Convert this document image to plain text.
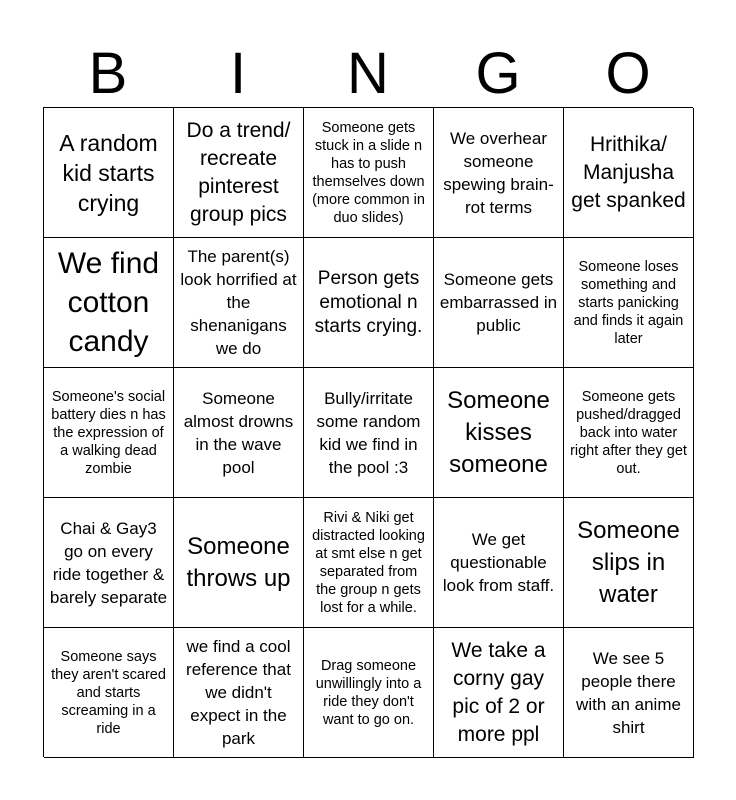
B	I	N	G	O
A random kid starts crying
Do a trend/ recreate pinterest group pics
Someone gets stuck in a slide n has to push themselves down (more common in duo slides)
We overhear someone spewing brain-rot terms
Hrithika/ Manjusha get spanked
We find cotton candy
The parent(s) look horrified at the shenanigans we do
Person gets emotional n starts crying.
Someone gets embarrassed in public
Someone loses something and starts panicking and finds it again later
Someone's social battery dies n has the expression of a walking dead zombie
Someone almost drowns in the wave pool
Bully/irritate some random kid we find in the pool :3
Someone kisses someone
Someone gets pushed/dragged back into water right after they get out.
Chai & Gay3 go on every ride together & barely separate
Someone throws up
Rivi & Niki get distracted looking at smt else n get separated from the group n gets lost for a while.
We get questionable look from staff.
Someone slips in water
Someone says they aren't scared and starts screaming in a ride
we find a cool reference that we didn't expect in the park
Drag someone unwillingly into a ride they don't want to go on.
We take a corny gay pic of 2 or more ppl
We see 5 people there with an anime shirt
